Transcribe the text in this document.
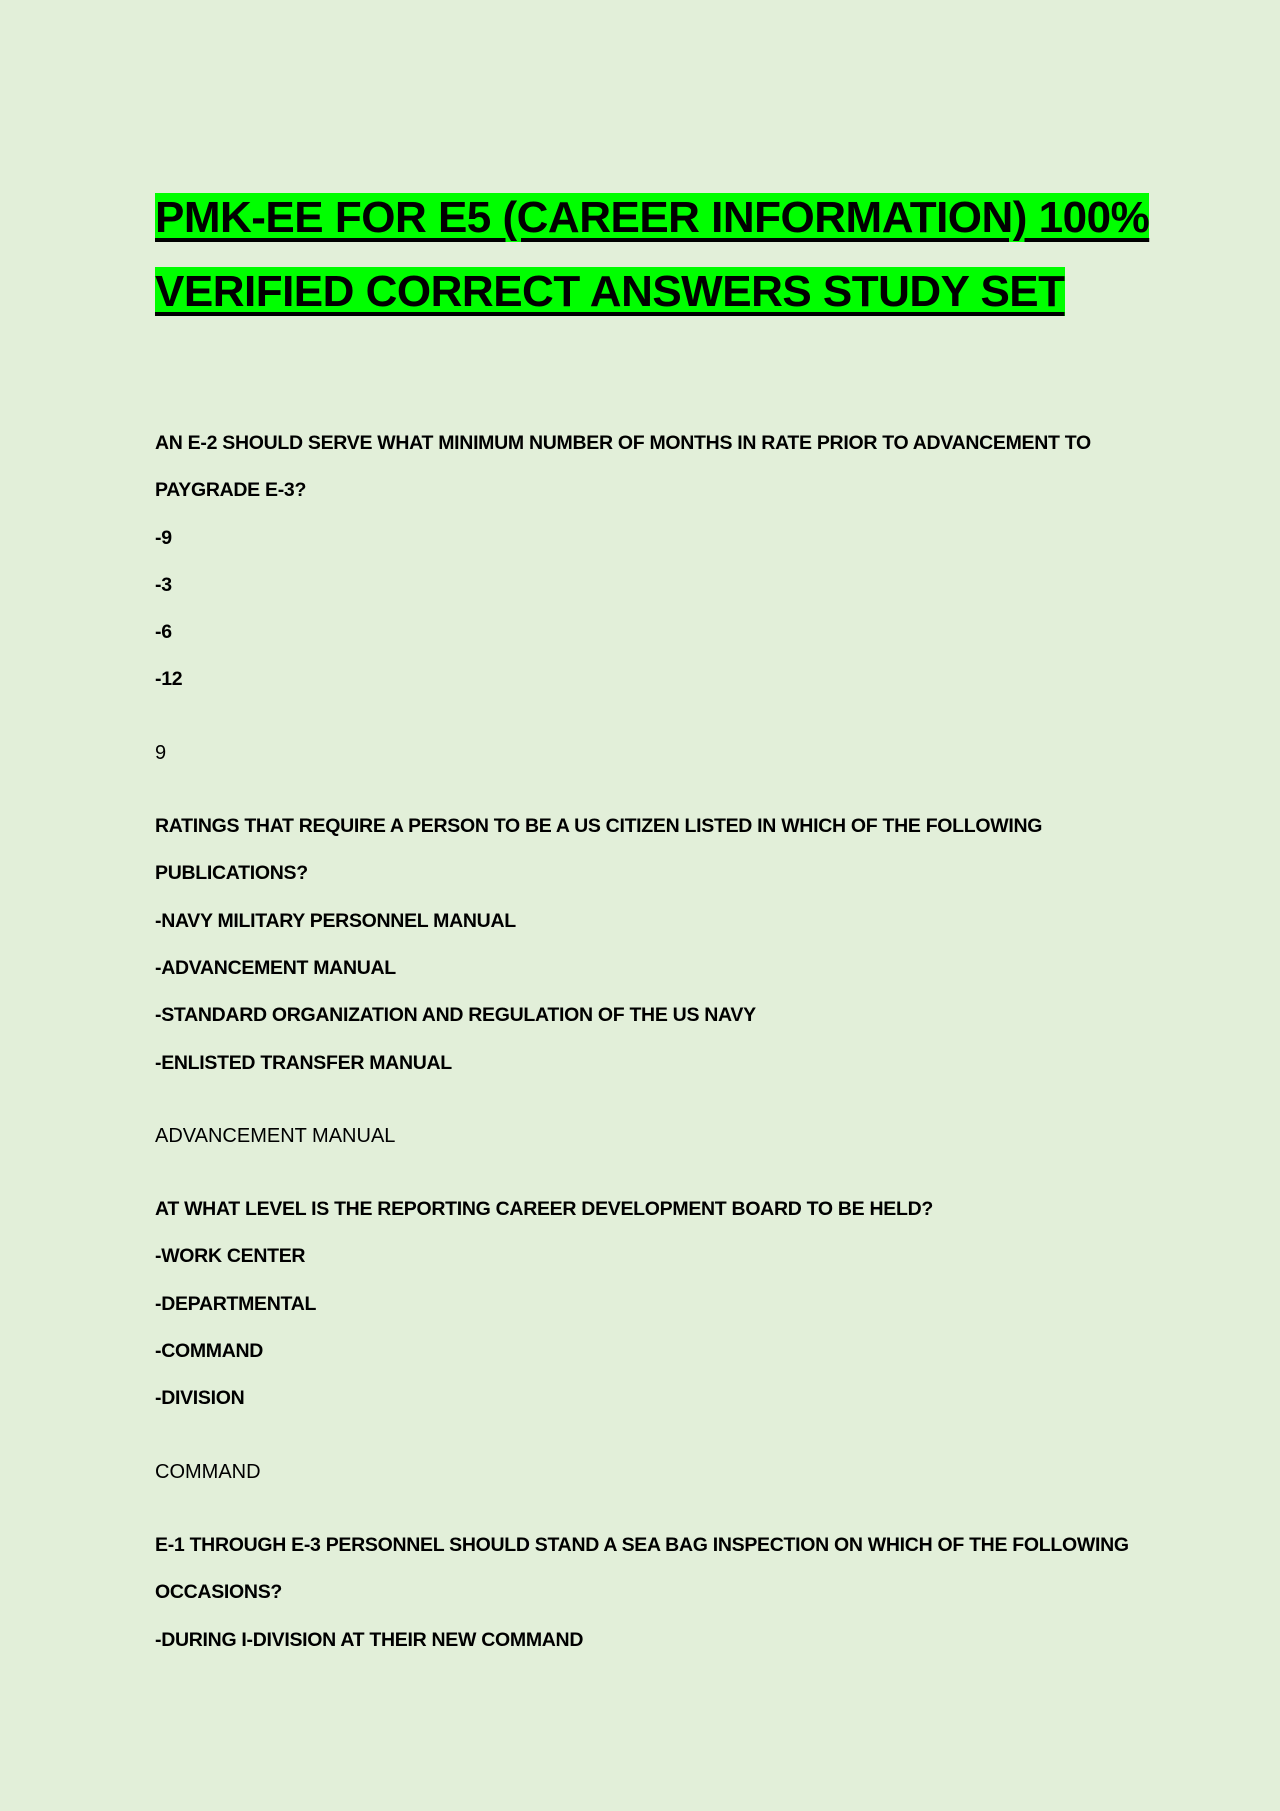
PMK-EE FOR E5 (CAREER INFORMATION) 100% VERIFIED CORRECT ANSWERS STUDY SET
AN E-2 SHOULD SERVE WHAT MINIMUM NUMBER OF MONTHS IN RATE PRIOR TO ADVANCEMENT TO PAYGRADE E-3?
-9
-3
-6
-12
9
RATINGS THAT REQUIRE A PERSON TO BE A US CITIZEN LISTED IN WHICH OF THE FOLLOWING PUBLICATIONS?
-NAVY MILITARY PERSONNEL MANUAL
-ADVANCEMENT MANUAL
-STANDARD ORGANIZATION AND REGULATION OF THE US NAVY
-ENLISTED TRANSFER MANUAL
ADVANCEMENT MANUAL
AT WHAT LEVEL IS THE REPORTING CAREER DEVELOPMENT BOARD TO BE HELD?
-WORK CENTER
-DEPARTMENTAL
-COMMAND
-DIVISION
COMMAND
E-1 THROUGH E-3 PERSONNEL SHOULD STAND A SEA BAG INSPECTION ON WHICH OF THE FOLLOWING OCCASIONS?
-DURING I-DIVISION AT THEIR NEW COMMAND
